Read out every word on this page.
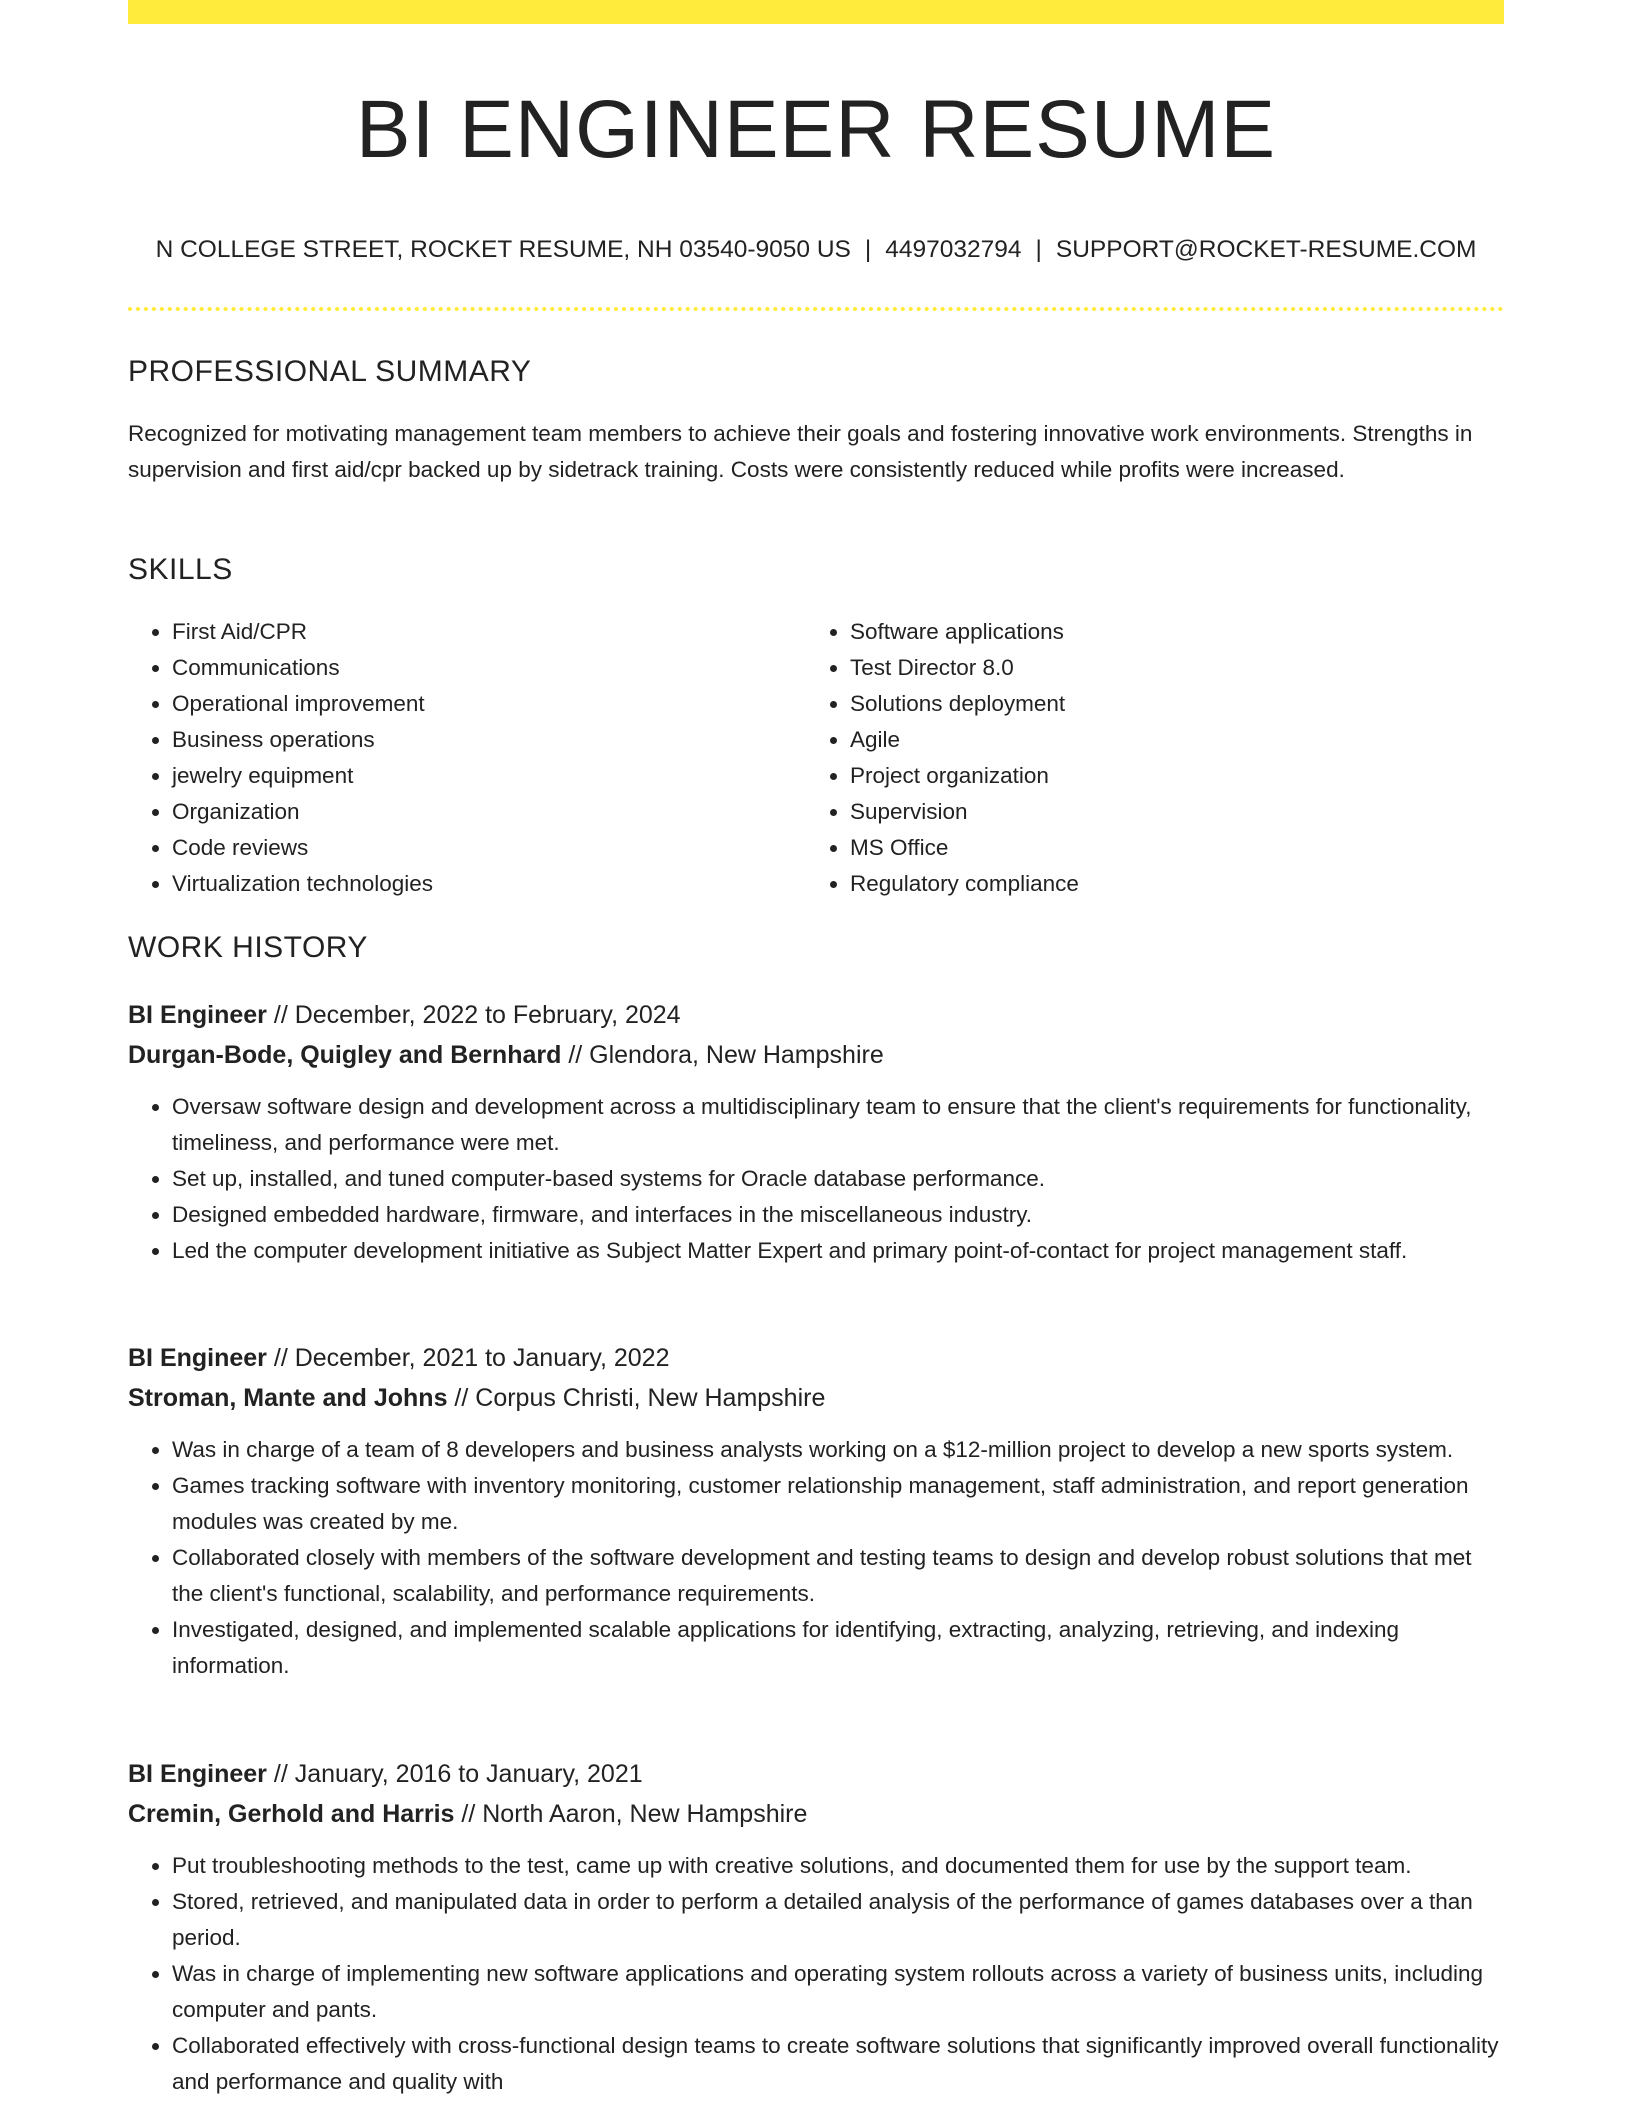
BI ENGINEER RESUME
N COLLEGE STREET, ROCKET RESUME, NH 03540-9050 US | 4497032794 | SUPPORT@ROCKET-RESUME.COM
PROFESSIONAL SUMMARY

Recognized for motivating management team members to achieve their goals and fostering innovative work environments. Strengths in supervision and first aid/cpr backed up by sidetrack training. Costs were consistently reduced while profits were increased.

SKILLS
• First Aid/CPR
• Communications
• Operational improvement
• Business operations
• jewelry equipment
• Organization
• Code reviews
• Virtualization technologies
• Software applications
• Test Director 8.0
• Solutions deployment
• Agile
• Project organization
• Supervision
• MS Office
• Regulatory compliance
WORK HISTORY

BI Engineer // December, 2022 to February, 2024

Durgan-Bode, Quigley and Bernhard // Glendora, New Hampshire

• Oversaw software design and development across a multidisciplinary team to ensure that the client's requirements for functionality, timeliness, and performance were met.
• Set up, installed, and tuned computer-based systems for Oracle database performance.
• Designed embedded hardware, firmware, and interfaces in the miscellaneous industry.
• Led the computer development initiative as Subject Matter Expert and primary point-of-contact for project management staff.

BI Engineer // December, 2021 to January, 2022

Stroman, Mante and Johns // Corpus Christi, New Hampshire

• Was in charge of a team of 8 developers and business analysts working on a $12-million project to develop a new sports system.
• Games tracking software with inventory monitoring, customer relationship management, staff administration, and report generation modules was created by me.
• Collaborated closely with members of the software development and testing teams to design and develop robust solutions that met the client's functional, scalability, and performance requirements.
• Investigated, designed, and implemented scalable applications for identifying, extracting, analyzing, retrieving, and indexing information.

BI Engineer // January, 2016 to January, 2021

Cremin, Gerhold and Harris // North Aaron, New Hampshire

• Put troubleshooting methods to the test, came up with creative solutions, and documented them for use by the support team.
• Stored, retrieved, and manipulated data in order to perform a detailed analysis of the performance of games databases over a than period.
• Was in charge of implementing new software applications and operating system rollouts across a variety of business units, including computer and pants.
• Collaborated effectively with cross-functional design teams to create software solutions that significantly improved overall functionality and performance and quality with
